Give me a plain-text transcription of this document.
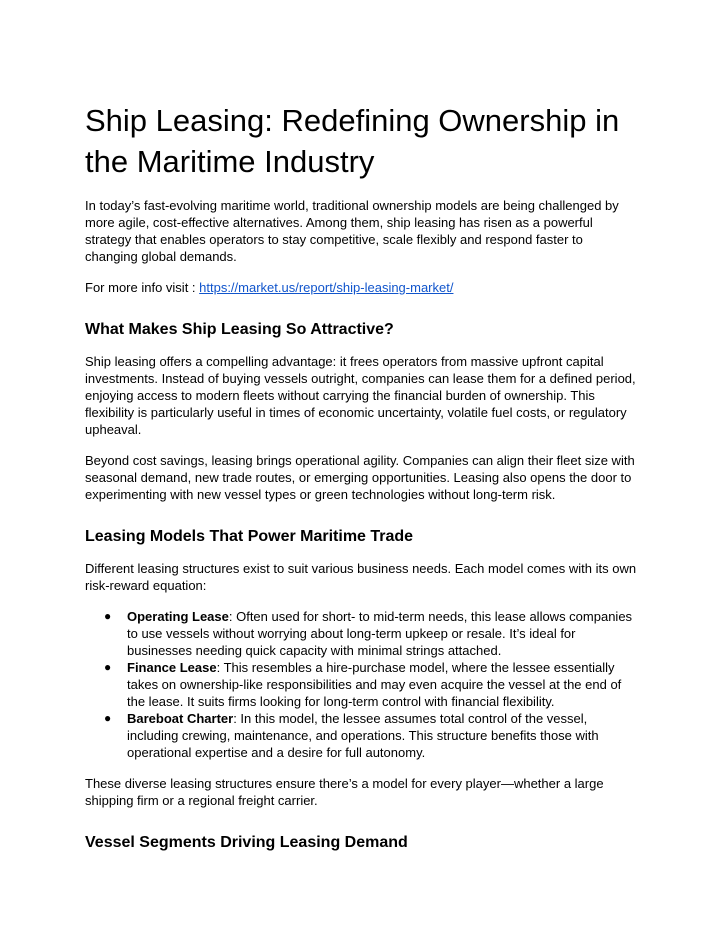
Ship Leasing: Redefining Ownership in the Maritime Industry

In today’s fast-evolving maritime world, traditional ownership models are being challenged by more agile, cost-effective alternatives. Among them, ship leasing has risen as a powerful strategy that enables operators to stay competitive, scale flexibly and respond faster to changing global demands.

For more info visit : https://market.us/report/ship-leasing-market/

What Makes Ship Leasing So Attractive?

Ship leasing offers a compelling advantage: it frees operators from massive upfront capital investments. Instead of buying vessels outright, companies can lease them for a defined period, enjoying access to modern fleets without carrying the financial burden of ownership. This flexibility is particularly useful in times of economic uncertainty, volatile fuel costs, or regulatory upheaval.

Beyond cost savings, leasing brings operational agility. Companies can align their fleet size with seasonal demand, new trade routes, or emerging opportunities. Leasing also opens the door to experimenting with new vessel types or green technologies without long-term risk.

Leasing Models That Power Maritime Trade

Different leasing structures exist to suit various business needs. Each model comes with its own risk-reward equation:

● Operating Lease: Often used for short- to mid-term needs, this lease allows companies to use vessels without worrying about long-term upkeep or resale. It’s ideal for businesses needing quick capacity with minimal strings attached.
● Finance Lease: This resembles a hire-purchase model, where the lessee essentially takes on ownership-like responsibilities and may even acquire the vessel at the end of the lease. It suits firms looking for long-term control with financial flexibility.
● Bareboat Charter: In this model, the lessee assumes total control of the vessel, including crewing, maintenance, and operations. This structure benefits those with operational expertise and a desire for full autonomy.

These diverse leasing structures ensure there’s a model for every player—whether a large shipping firm or a regional freight carrier.

Vessel Segments Driving Leasing Demand
